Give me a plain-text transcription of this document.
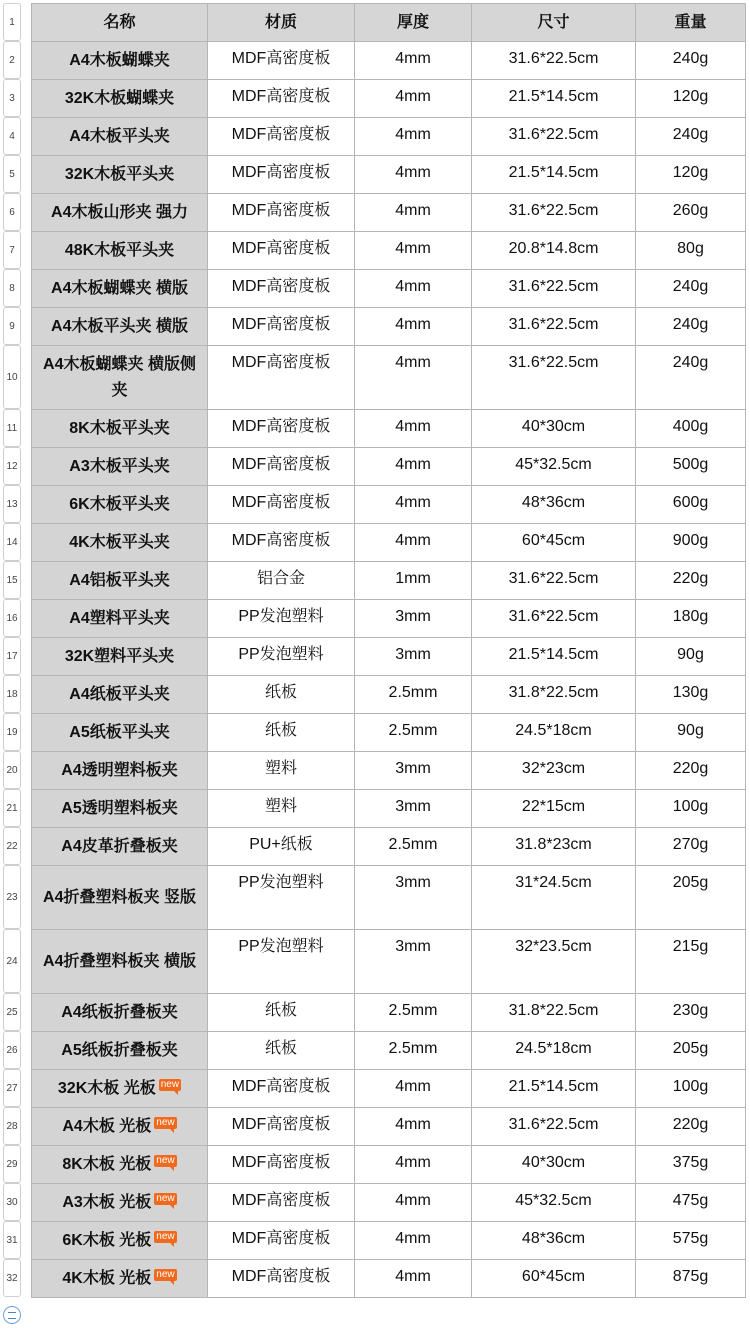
1
2
3
4
5
6
7
8
9
10
11
12
13
14
15
16
17
18
19
20
21
22
23
24
25
26
27
28
29
30
31
32
名称	材质	厚度	尺寸	重量
A4木板蝴蝶夹	MDF高密度板	4mm	31.6*22.5cm	240g
32K木板蝴蝶夹	MDF高密度板	4mm	21.5*14.5cm	120g
A4木板平头夹	MDF高密度板	4mm	31.6*22.5cm	240g
32K木板平头夹	MDF高密度板	4mm	21.5*14.5cm	120g
A4木板山形夹 强力	MDF高密度板	4mm	31.6*22.5cm	260g
48K木板平头夹	MDF高密度板	4mm	20.8*14.8cm	80g
A4木板蝴蝶夹 横版	MDF高密度板	4mm	31.6*22.5cm	240g
A4木板平头夹 横版	MDF高密度板	4mm	31.6*22.5cm	240g
A4木板蝴蝶夹 横版侧夹	MDF高密度板	4mm	31.6*22.5cm	240g
8K木板平头夹	MDF高密度板	4mm	40*30cm	400g
A3木板平头夹	MDF高密度板	4mm	45*32.5cm	500g
6K木板平头夹	MDF高密度板	4mm	48*36cm	600g
4K木板平头夹	MDF高密度板	4mm	60*45cm	900g
A4铝板平头夹	铝合金	1mm	31.6*22.5cm	220g
A4塑料平头夹	PP发泡塑料	3mm	31.6*22.5cm	180g
32K塑料平头夹	PP发泡塑料	3mm	21.5*14.5cm	90g
A4纸板平头夹	纸板	2.5mm	31.8*22.5cm	130g
A5纸板平头夹	纸板	2.5mm	24.5*18cm	90g
A4透明塑料板夹	塑料	3mm	32*23cm	220g
A5透明塑料板夹	塑料	3mm	22*15cm	100g
A4皮革折叠板夹	PU+纸板	2.5mm	31.8*23cm	270g
A4折叠塑料板夹 竖版	PP发泡塑料	3mm	31*24.5cm	205g
A4折叠塑料板夹 横版	PP发泡塑料	3mm	32*23.5cm	215g
A4纸板折叠板夹	纸板	2.5mm	31.8*22.5cm	230g
A5纸板折叠板夹	纸板	2.5mm	24.5*18cm	205g
32K木板 光板 new	MDF高密度板	4mm	21.5*14.5cm	100g
A4木板 光板 new	MDF高密度板	4mm	31.6*22.5cm	220g
8K木板 光板 new	MDF高密度板	4mm	40*30cm	375g
A3木板 光板 new	MDF高密度板	4mm	45*32.5cm	475g
6K木板 光板 new	MDF高密度板	4mm	48*36cm	575g
4K木板 光板 new	MDF高密度板	4mm	60*45cm	875g
